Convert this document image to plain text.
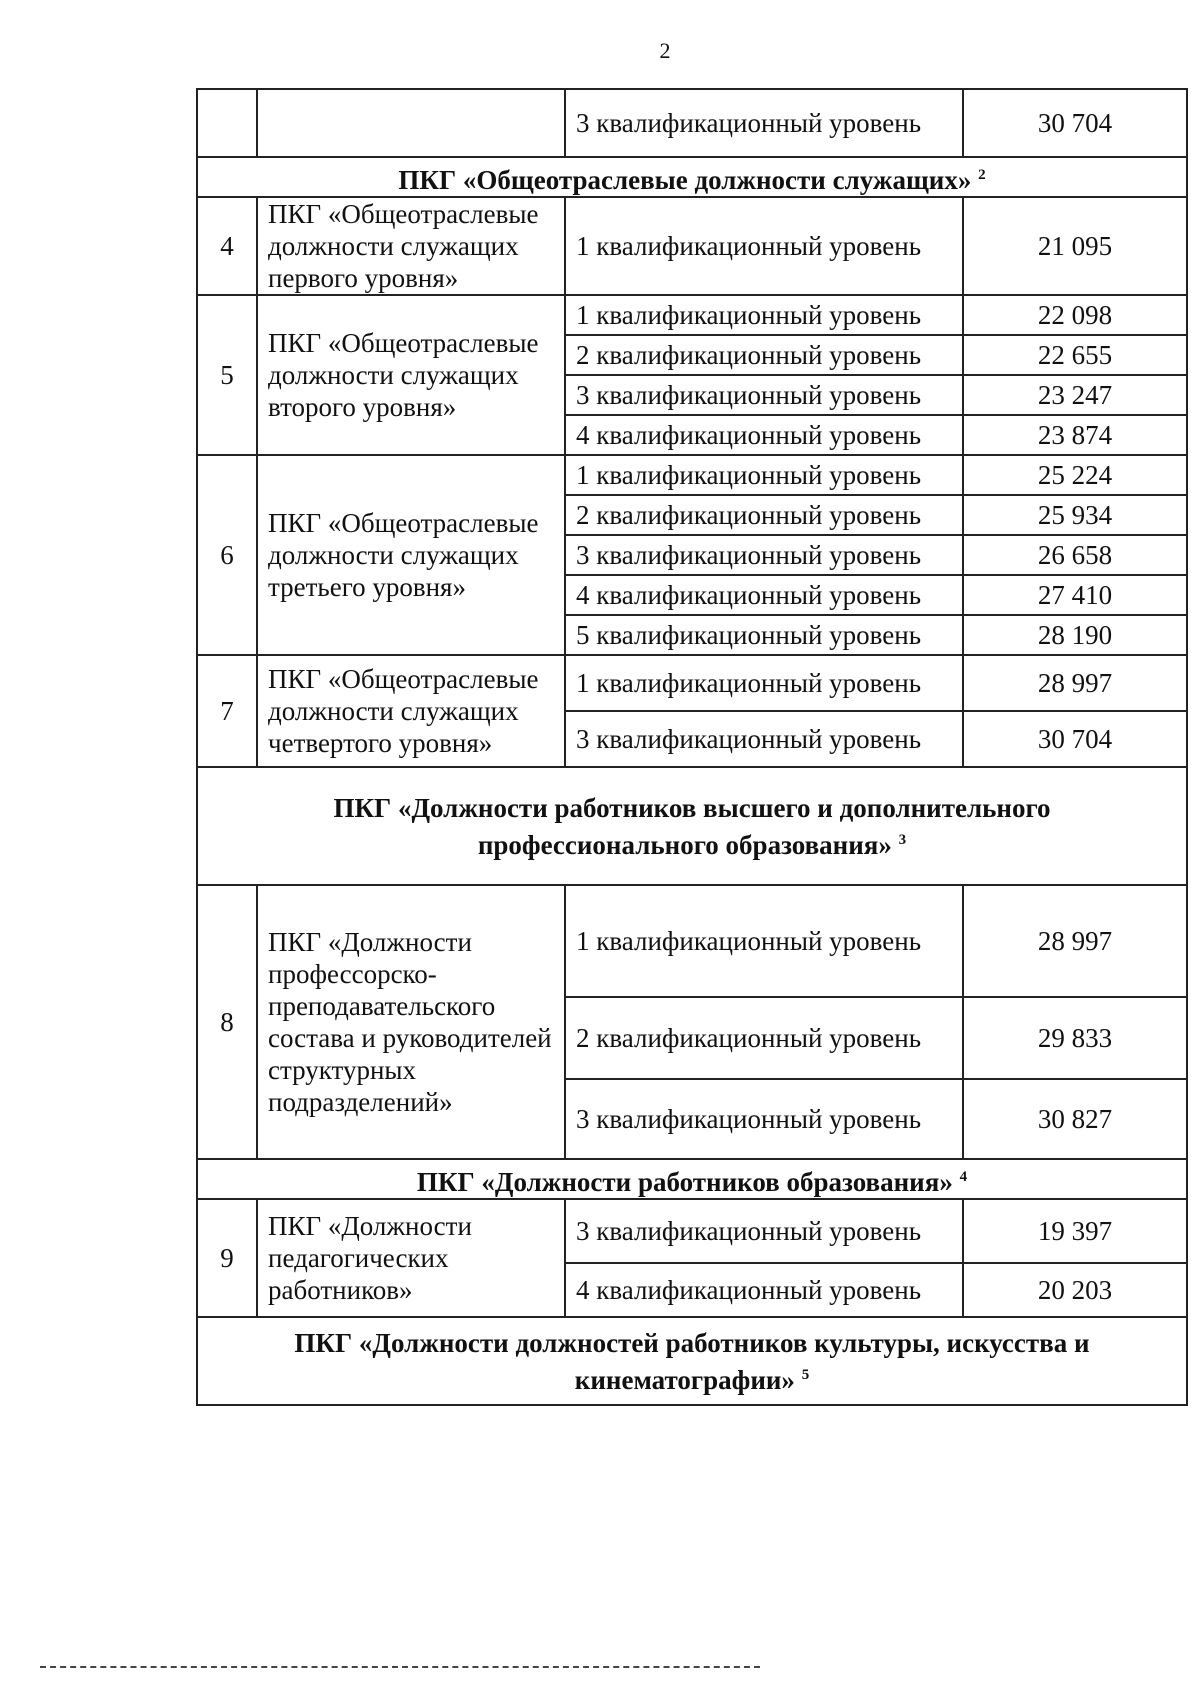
2
		3 квалификационный уровень	30 704
ПКГ «Общеотраслевые должности служащих» $^2$
4	ПКГ «Общеотраслевые должности служащих первого уровня»	1 квалификационный уровень	21 095
5	ПКГ «Общеотраслевые должности служащих второго уровня»	1 квалификационный уровень	22 098
		2 квалификационный уровень	22 655
		3 квалификационный уровень	23 247
		4 квалификационный уровень	23 874
6	ПКГ «Общеотраслевые должности служащих третьего уровня»	1 квалификационный уровень	25 224
		2 квалификационный уровень	25 934
		3 квалификационный уровень	26 658
		4 квалификационный уровень	27 410
		5 квалификационный уровень	28 190
7	ПКГ «Общеотраслевые должности служащих четвертого уровня»	1 квалификационный уровень	28 997
		3 квалификационный уровень	30 704
ПКГ «Должности работников высшего и дополнительного профессионального образования» $^3$
8	ПКГ «Должности профессорско-преподавательского состава и руководителей структурных подразделений»	1 квалификационный уровень	28 997
		2 квалификационный уровень	29 833
		3 квалификационный уровень	30 827
ПКГ «Должности работников образования» $^4$
9	ПКГ «Должности педагогических работников»	3 квалификационный уровень	19 397
		4 квалификационный уровень	20 203
ПКГ «Должности должностей работников культуры, искусства и кинематографии» $^5$
